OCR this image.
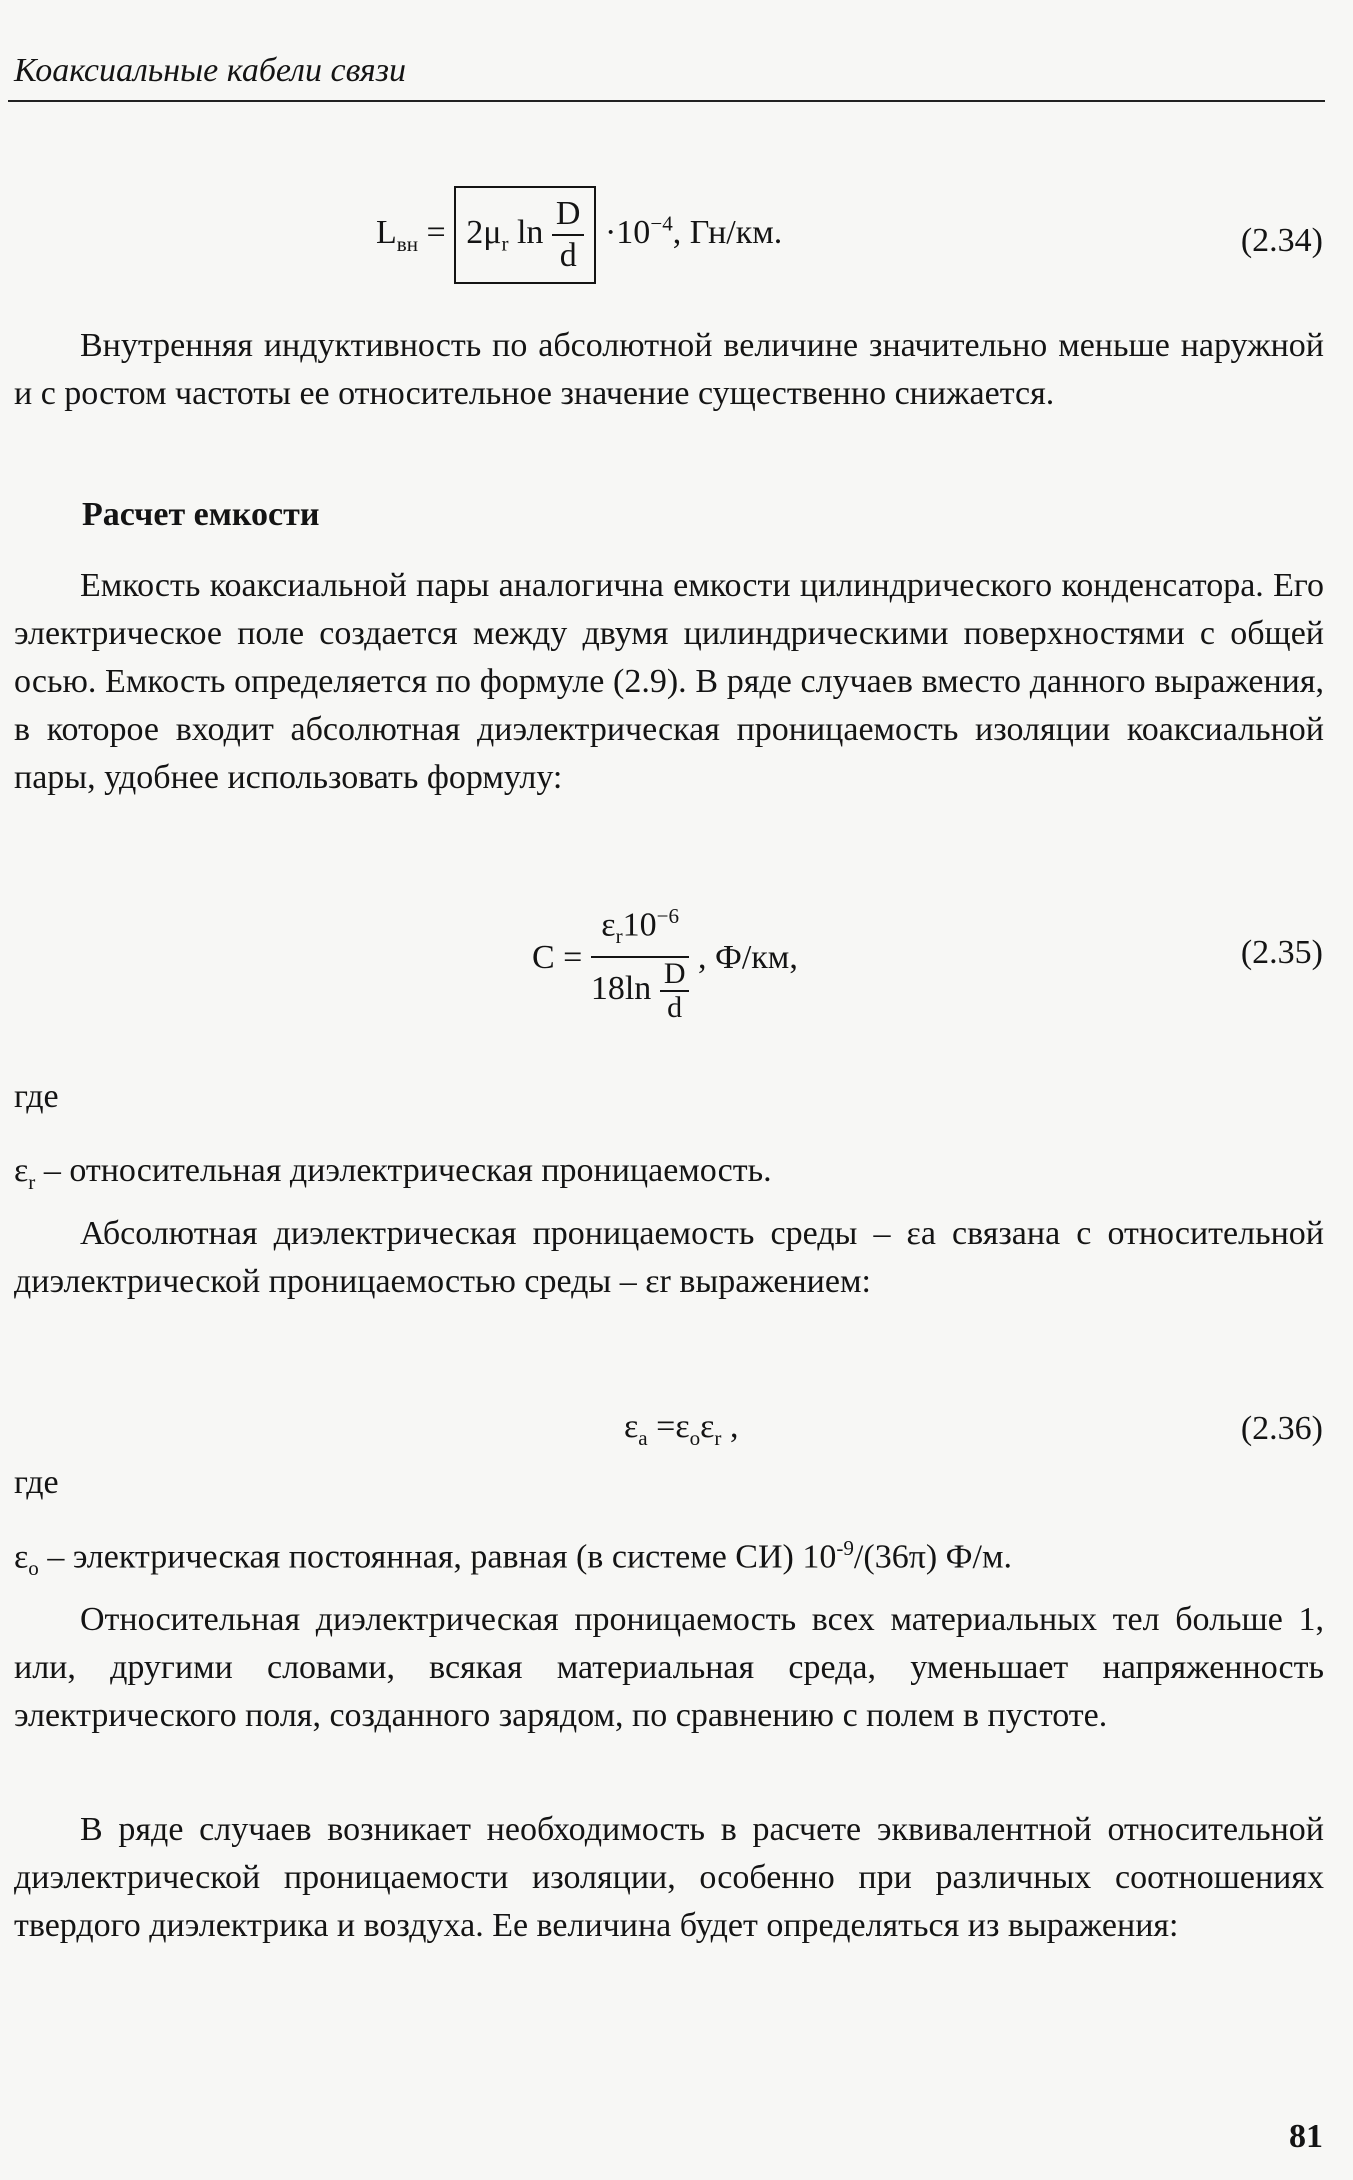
Коаксиальные кабели связи
$L_{вн} = 2\mu_r$ $\ln \frac{D}{d} \cdot 10^{-4}$, Гн/км.	(2.34)
Внутренняя индуктивность по абсолютной величине значительно меньше наружной и с ростом частоты ее относительное значение существенно снижается.
Расчет емкости
Емкость коаксиальной пары аналогична емкости цилиндрического конденсатора. Его электрическое поле создается между двумя цилиндрическими поверхностями с общей осью. Емкость определяется по формуле (2.9). В ряде случаев вместо данного выражения, в которое входит абсолютная диэлектрическая проницаемость изоляции коаксиальной пары, удобнее использовать формулу:
$C = \frac{\varepsilon_r10^{-6}}{18\ln \frac{D}{d}}$ , Ф/км,	(2.35)
где
$\varepsilon_r$ – относительная диэлектрическая проницаемость.
Абсолютная диэлектрическая проницаемость среды – εа связана с относительной диэлектрической проницаемостью среды – εr выражением:
$\varepsilon_a =\varepsilon_o\varepsilon_r$ ,	(2.36)
где
$\varepsilon_o$ – электрическая постоянная, равная (в системе СИ) $10^{-9}/(36\pi)$ Ф/м.
Относительная диэлектрическая проницаемость всех материальных тел больше 1, или, другими словами, всякая материальная среда, уменьшает напряженность электрического поля, созданного зарядом, по сравнению с полем в пустоте.
В ряде случаев возникает необходимость в расчете эквивалентной относительной диэлектрической проницаемости изоляции, особенно при различных соотношениях твердого диэлектрика и воздуха. Ее величина будет определяться из выражения:
81
